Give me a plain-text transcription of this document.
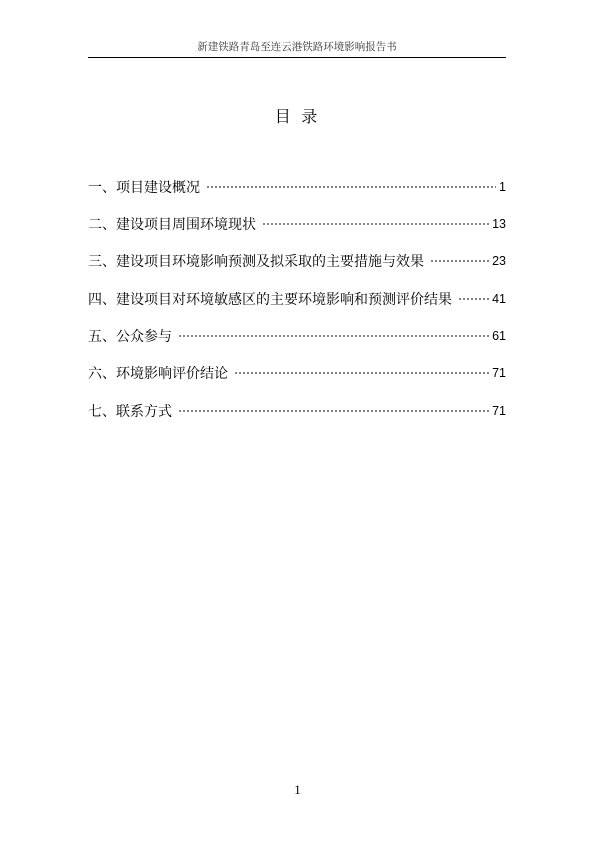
新建铁路青岛至连云港铁路环境影响报告书
目 录
一、项目建设概况	1
二、建设项目周围环境现状	13
三、建设项目环境影响预测及拟采取的主要措施与效果	23
四、建设项目对环境敏感区的主要环境影响和预测评价结果	41
五、公众参与	61
六、环境影响评价结论	71
七、联系方式	71
1
